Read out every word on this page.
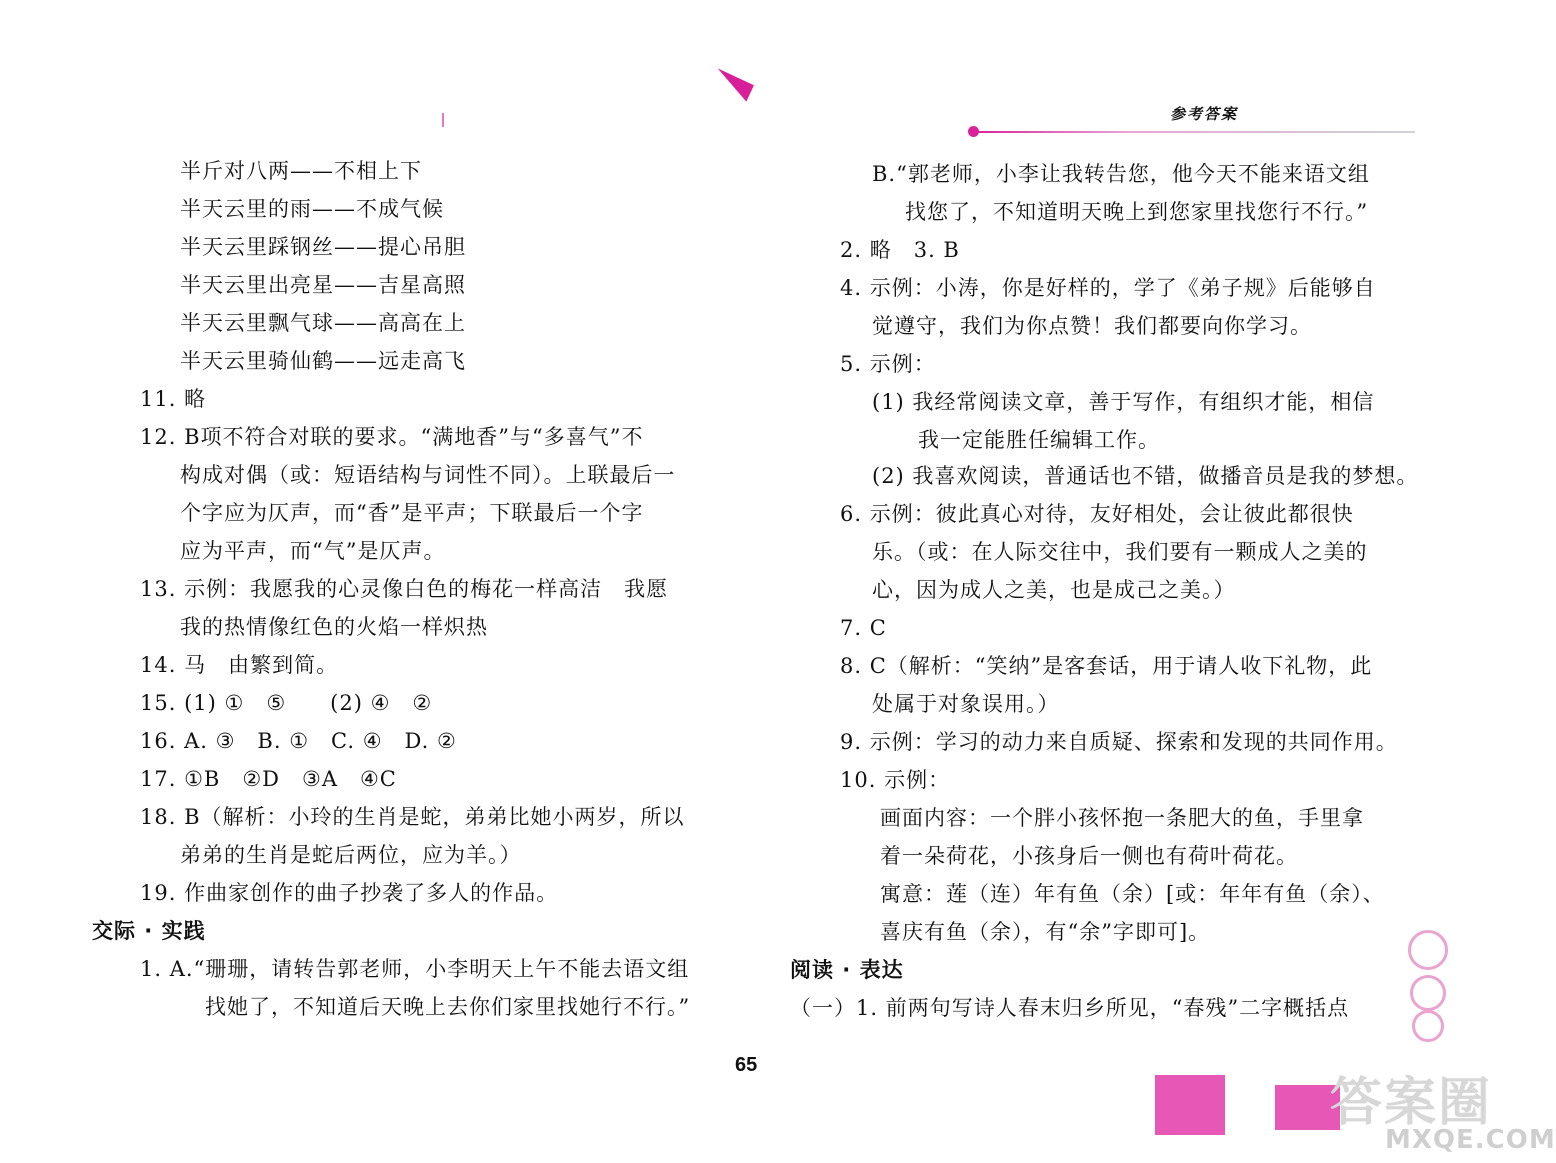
参考答案
半斤对八两——不相上下
半天云里的雨——不成气候
半天云里踩钢丝——提心吊胆
半天云里出亮星——吉星高照
半天云里飘气球——高高在上
半天云里骑仙鹤——远走高飞
11. 略
12. B项不符合对联的要求。“满地香”与“多喜气”不
构成对偶（或：短语结构与词性不同）。上联最后一
个字应为仄声，而“香”是平声；下联最后一个字
应为平声，而“气”是仄声。
13. 示例：我愿我的心灵像白色的梅花一样高洁　我愿
我的热情像红色的火焰一样炽热
14. 马　由繁到简。
15. (1) ①　⑤　　(2) ④　②
16. A. ③　B. ①　C. ④　D. ②
17. ①B　②D　③A　④C
18. B（解析：小玲的生肖是蛇，弟弟比她小两岁，所以
弟弟的生肖是蛇后两位，应为羊。）
19. 作曲家创作的曲子抄袭了多人的作品。
交际 · 实践
1. A.“珊珊，请转告郭老师，小李明天上午不能去语文组
找她了，不知道后天晚上去你们家里找她行不行。”
B.“郭老师，小李让我转告您，他今天不能来语文组
找您了，不知道明天晚上到您家里找您行不行。”
2. 略　3. B
4. 示例：小涛，你是好样的，学了《弟子规》后能够自
觉遵守，我们为你点赞！我们都要向你学习。
5. 示例：
(1) 我经常阅读文章，善于写作，有组织才能，相信
我一定能胜任编辑工作。
(2) 我喜欢阅读，普通话也不错，做播音员是我的梦想。
6. 示例：彼此真心对待，友好相处，会让彼此都很快
乐。（或：在人际交往中，我们要有一颗成人之美的
心，因为成人之美，也是成己之美。）
7. C
8. C（解析：“笑纳”是客套话，用于请人收下礼物，此
处属于对象误用。）
9. 示例：学习的动力来自质疑、探索和发现的共同作用。
10. 示例：
画面内容：一个胖小孩怀抱一条肥大的鱼，手里拿
着一朵荷花，小孩身后一侧也有荷叶荷花。
寓意：莲（连）年有鱼（余）[或：年年有鱼（余）、
喜庆有鱼（余），有“余”字即可]。
阅读 · 表达
（一）1. 前两句写诗人春末归乡所见，“春残”二字概括点
65
答案圈
MXQE.COM
